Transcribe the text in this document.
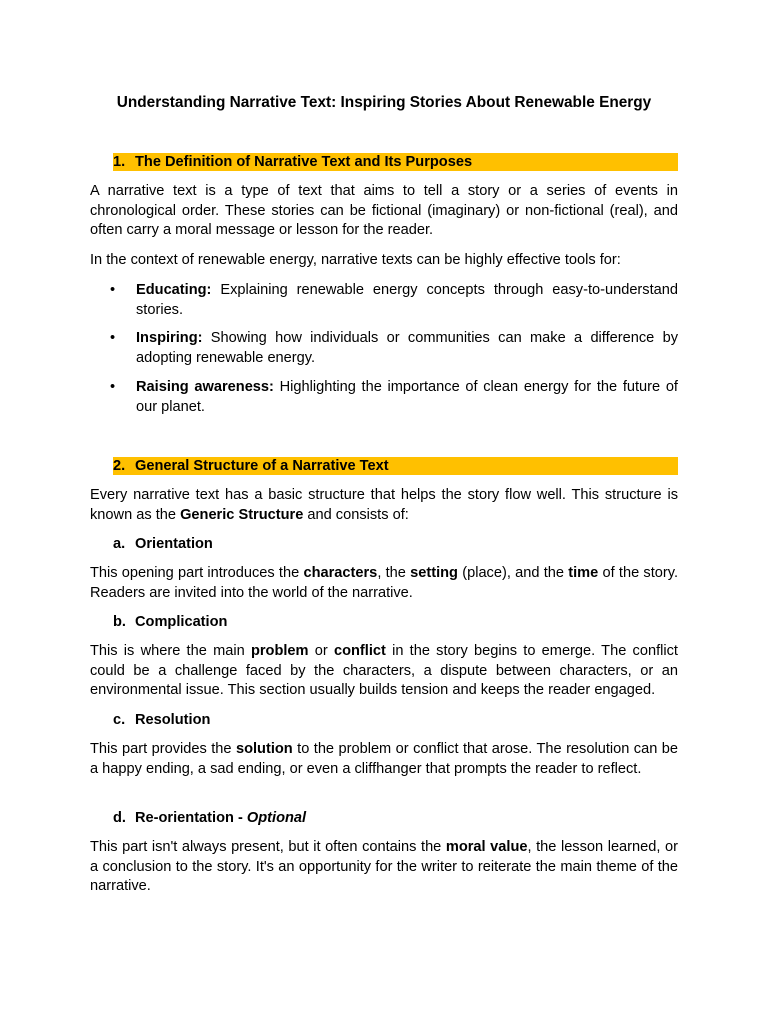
Understanding Narrative Text: Inspiring Stories About Renewable Energy
1. The Definition of Narrative Text and Its Purposes
A narrative text is a type of text that aims to tell a story or a series of events in chronological order. These stories can be fictional (imaginary) or non-fictional (real), and often carry a moral message or lesson for the reader.
In the context of renewable energy, narrative texts can be highly effective tools for:
• Educating: Explaining renewable energy concepts through easy-to-understand stories.
• Inspiring: Showing how individuals or communities can make a difference by adopting renewable energy.
• Raising awareness: Highlighting the importance of clean energy for the future of our planet.
2. General Structure of a Narrative Text
Every narrative text has a basic structure that helps the story flow well. This structure is known as the Generic Structure and consists of:
a. Orientation
This opening part introduces the characters, the setting (place), and the time of the story. Readers are invited into the world of the narrative.
b. Complication
This is where the main problem or conflict in the story begins to emerge. The conflict could be a challenge faced by the characters, a dispute between characters, or an environmental issue. This section usually builds tension and keeps the reader engaged.
c. Resolution
This part provides the solution to the problem or conflict that arose. The resolution can be a happy ending, a sad ending, or even a cliffhanger that prompts the reader to reflect.
d. Re-orientation - Optional
This part isn't always present, but it often contains the moral value, the lesson learned, or a conclusion to the story. It's an opportunity for the writer to reiterate the main theme of the narrative.
